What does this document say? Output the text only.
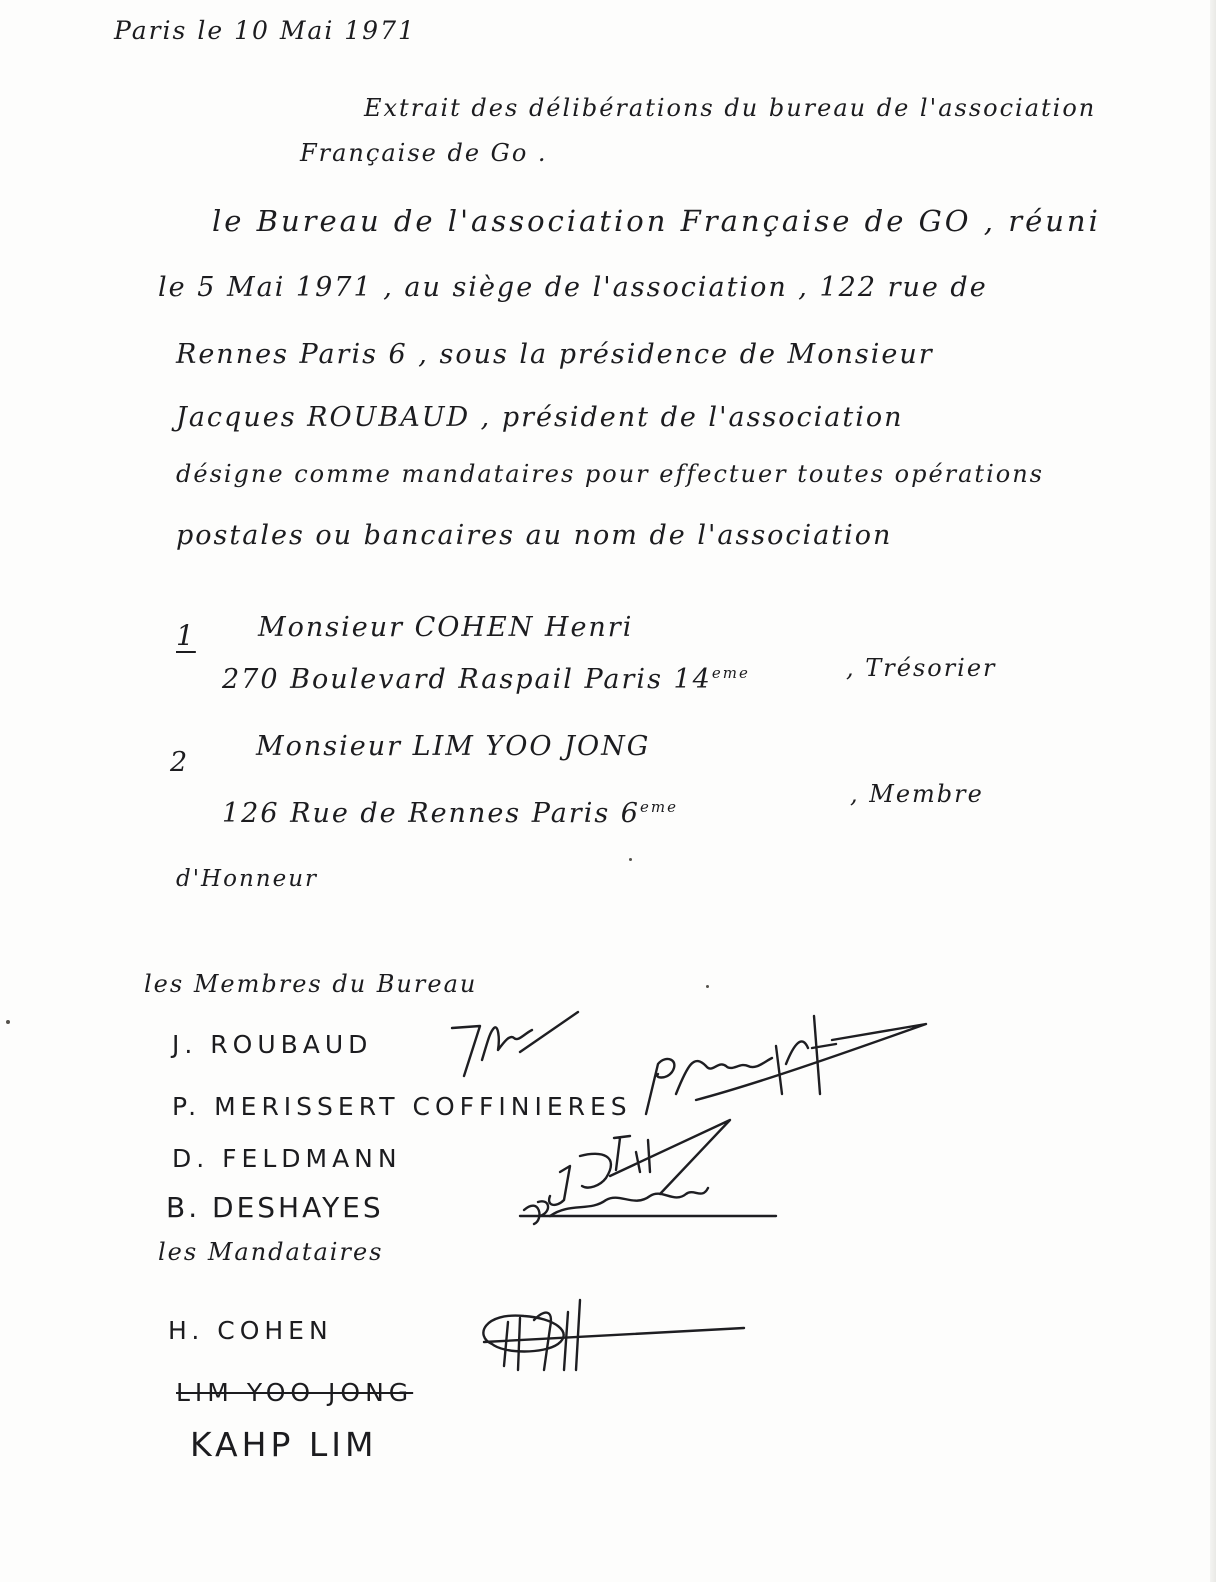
Paris le 10 Mai 1971
Extrait des délibérations du bureau de l'association
Française de Go .
le Bureau de l'association Française de GO , réuni
le 5 Mai 1971 , au siège de l'association , 122 rue de
Rennes Paris 6 , sous la présidence de Monsieur
Jacques ROUBAUD , président de l'association
désigne comme mandataires pour effectuer toutes opérations
postales ou bancaires au nom de l'association
1 Monsieur COHEN Henri
270 Boulevard Raspail Paris 14eme	, Trésorier
2
Monsieur LIM YOO JONG
126 Rue de Rennes Paris 6eme	, Membre
d'Honneur
les Membres du Bureau
J. ROUBAUD
P. MERISSERT COFFINIERES
D. FELDMANN
B. DESHAYES
les Mandataires
H. COHEN
LIM YOO JONG
KAHP LIM
